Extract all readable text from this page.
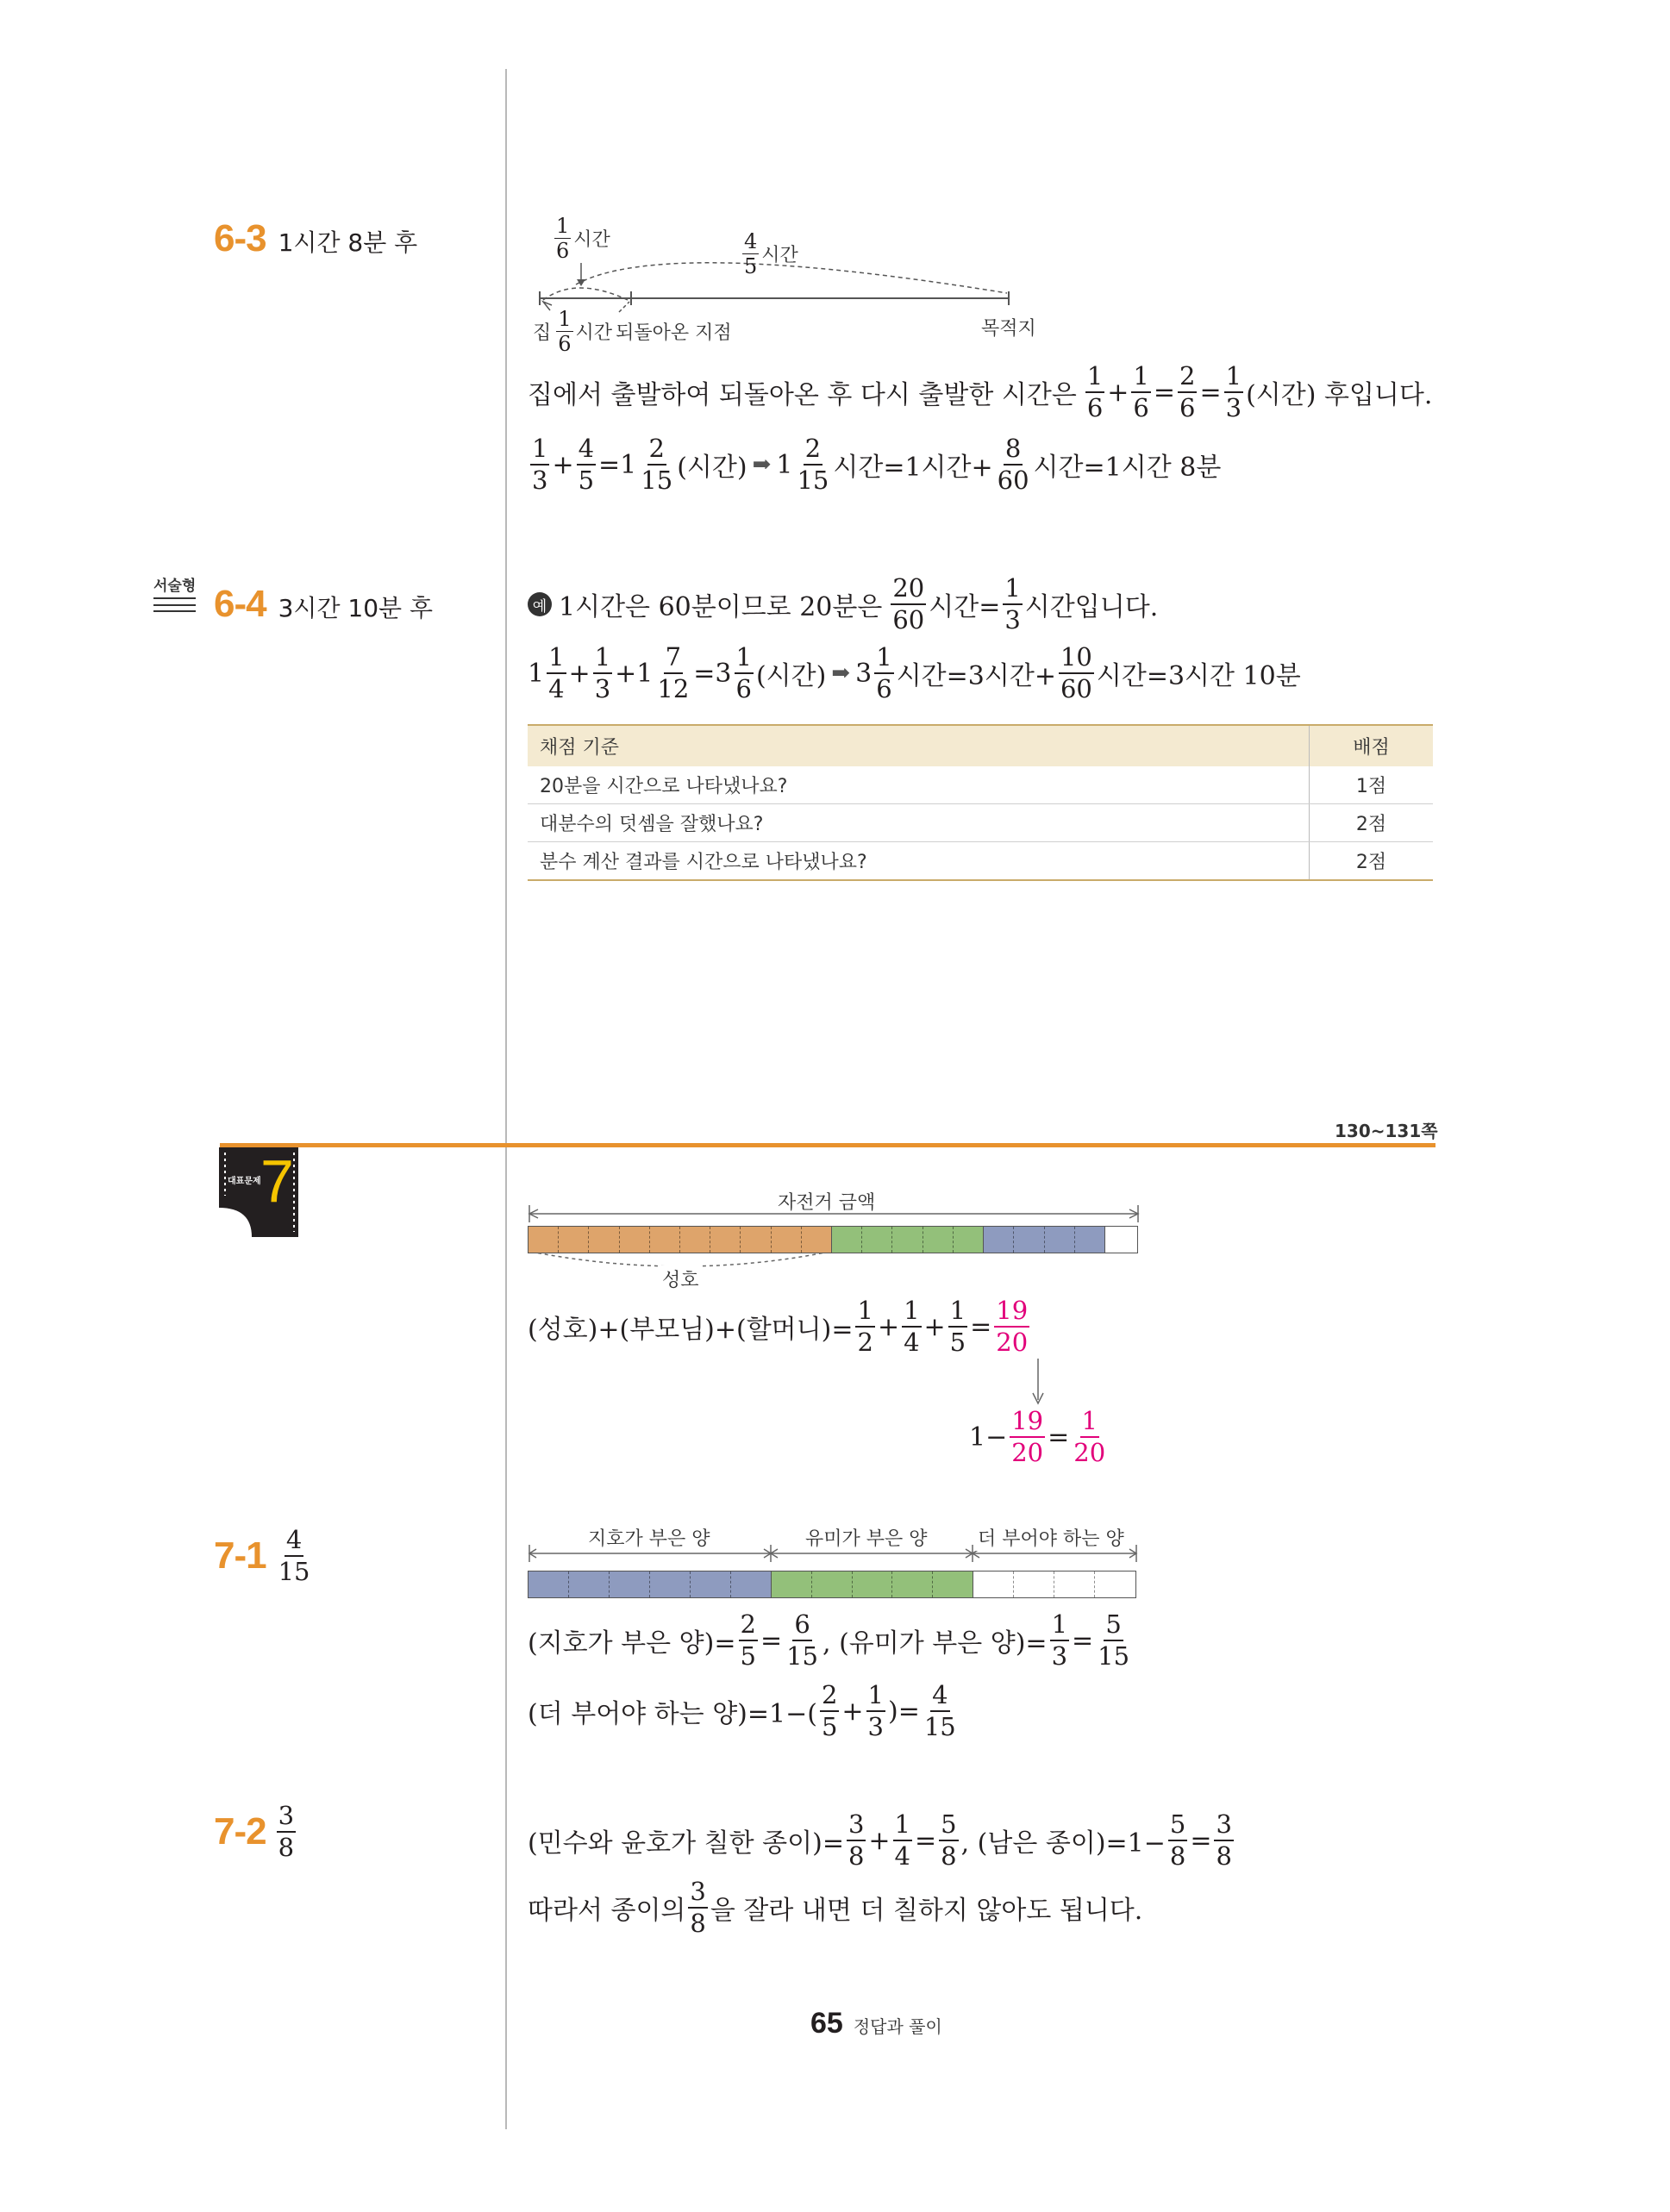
6-3 1시간 8분 후	$\frac{1}{6}$ 시간	$\frac{4}{5}$ 시간
집 $\frac{1}{6}$ 시간 되돌아온 지점	목적지
집에서 출발하여 되돌아온 후 다시 출발한 시간은 $\frac{1}{6} + \frac{1}{6} = \frac{2}{6} = \frac{1}{3}$ (시간) 후입니다.
$\frac{1}{3} + \frac{4}{5} =1 \frac{2}{15}$ (시간) ➡ $1 \frac{2}{15}$ 시간=1시간+ $\frac{8}{60}$ 시간=1시간 8분
서술형 6-4 3시간 10분 후	예 1시간은 60분이므로 20분은 $\frac{20}{60}$ 시간= $\frac{1}{3}$ 시간입니다.
$1 \frac{1}{4} + \frac{1}{3} +1 \frac{7}{12} =3 \frac{1}{6}$ (시간) ➡ $3 \frac{1}{6}$ 시간=3시간+ $\frac{10}{60}$ 시간=3시간 10분
채점 기준	배점
20분을 시간으로 나타냈나요?	1점
대분수의 덧셈을 잘했나요?	2점
분수 계산 결과를 시간으로 나타냈나요?	2점
130~131쪽
대표문제 7	자전거 금액
성호
(성호)+(부모님)+(할머니)= $\frac{1}{2} + \frac{1}{4} + \frac{1}{5} = \frac{19}{20}$
$1- \frac{19}{20} = \frac{1}{20}$
$7-1 \frac{4}{15}$	지호가 부은 양	유미가 부은 양	더 부어야 하는 양
(지호가 부은 양)= $\frac{2}{5} = \frac{6}{15}$ , (유미가 부은 양)= $\frac{1}{3} = \frac{5}{15}$
(더 부어야 하는 양)$=1-( \frac{2}{5} + \frac{1}{3}$ )= $\frac{4}{15}$
$7-2 \frac{3}{8}$	(민수와 윤호가 칠한 종이)= $\frac{3}{8} + \frac{1}{4} = \frac{5}{8}$ , (남은 종이)$=1- \frac{5}{8} = \frac{3}{8}$
따라서 종이의 $\frac{3}{8}$ 을 잘라 내면 더 칠하지 않아도 됩니다.
65 정답과 풀이
